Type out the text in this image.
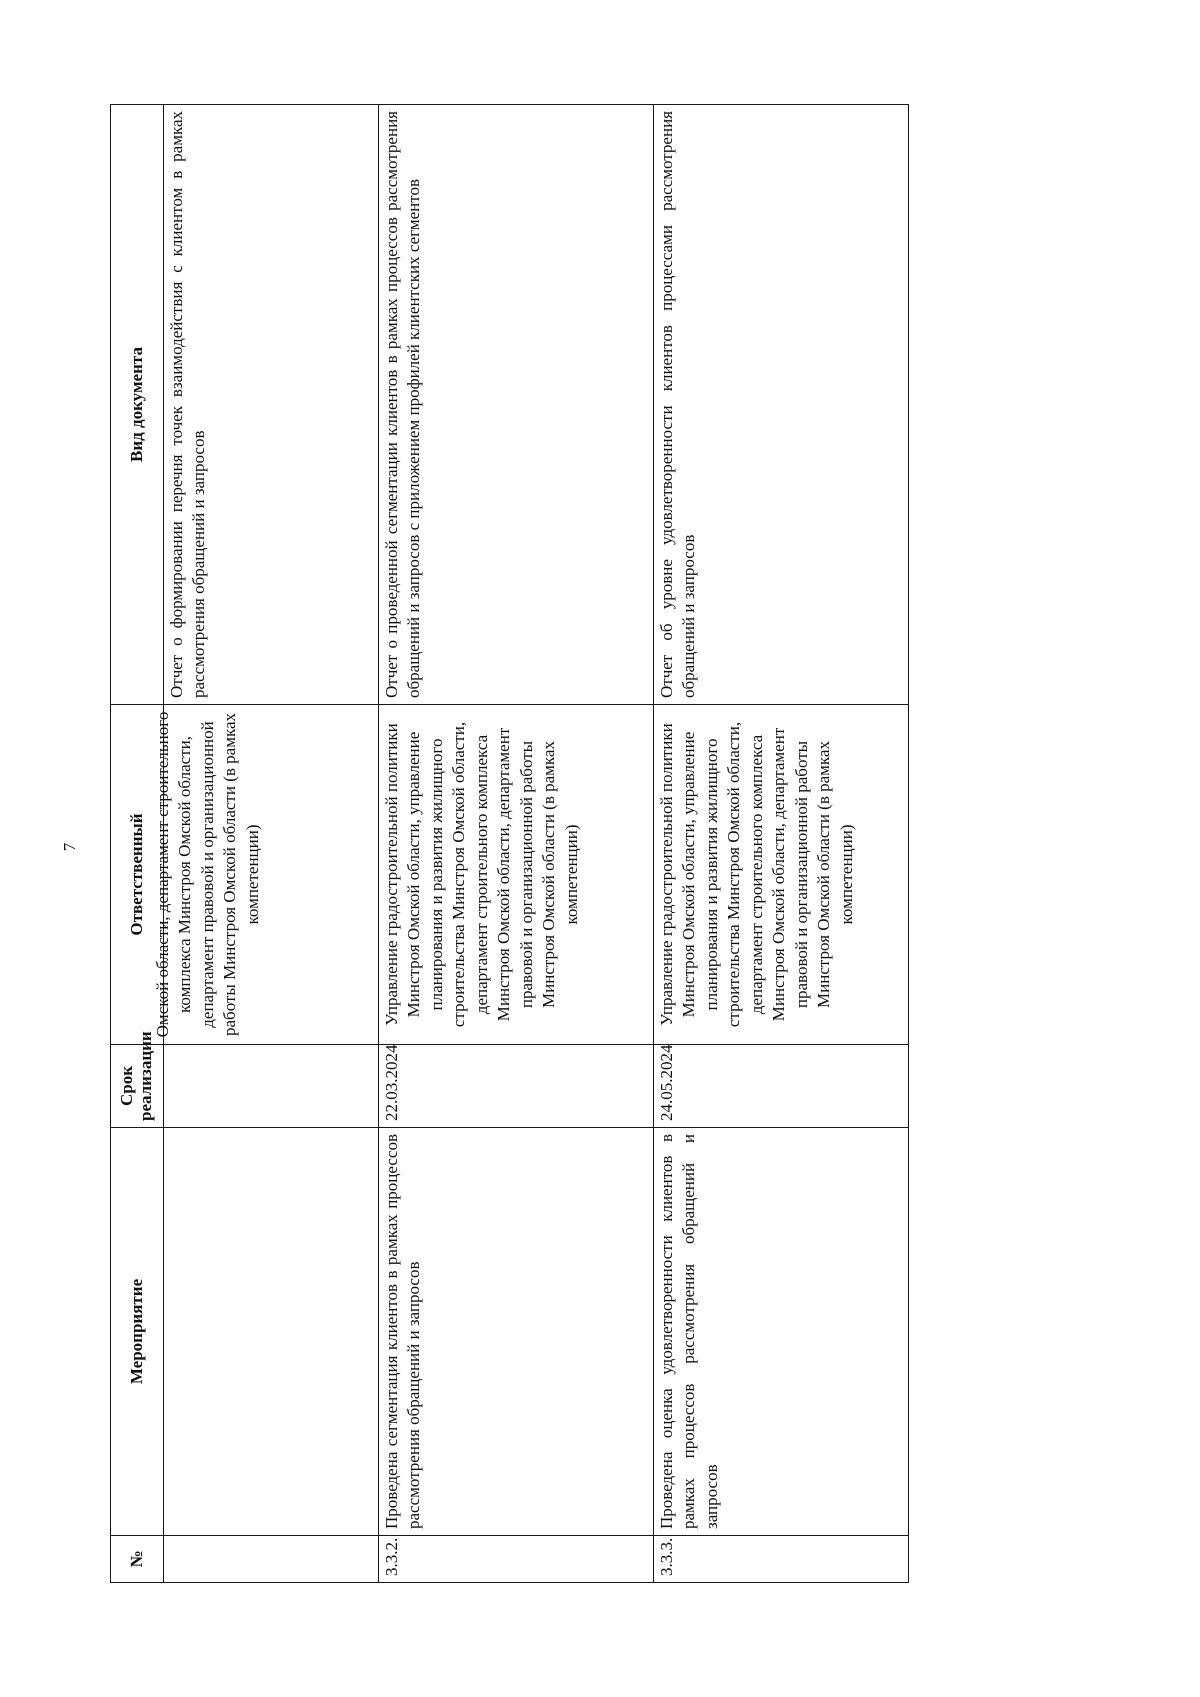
7
№	Мероприятие	Срок реализации	Ответственный	Вид документа

			Омской области, департамент строительного комплекса Минстроя Омской области, департамент правовой и организационной работы Минстроя Омской области (в рамках компетенции)	Отчет о формировании перечня точек взаимодействия с клиентом в рамках рассмотрения обращений и запросов
3.3.2.	Проведена сегментация клиентов в рамках процессов рассмотрения обращений и запросов	22.03.2024	Управление градостроительной политики Минстроя Омской области, управление планирования и развития жилищного строительства Минстроя Омской области, департамент строительного комплекса Минстроя Омской области, департамент правовой и организационной работы Минстроя Омской области (в рамках компетенции)	Отчет о проведенной сегментации клиентов в рамках процессов рассмотрения обращений и запросов с приложением профилей клиентских сегментов
3.3.3.	Проведена оценка удовлетворенности клиентов в рамках процессов рассмотрения обращений и запросов	24.05.2024	Управление градостроительной политики Минстроя Омской области, управление планирования и развития жилищного строительства Минстроя Омской области, департамент строительного комплекса Минстроя Омской области, департамент правовой и организационной работы Минстроя Омской области (в рамках компетенции)	Отчет об уровне удовлетворенности клиентов процессами рассмотрения обращений и запросов
